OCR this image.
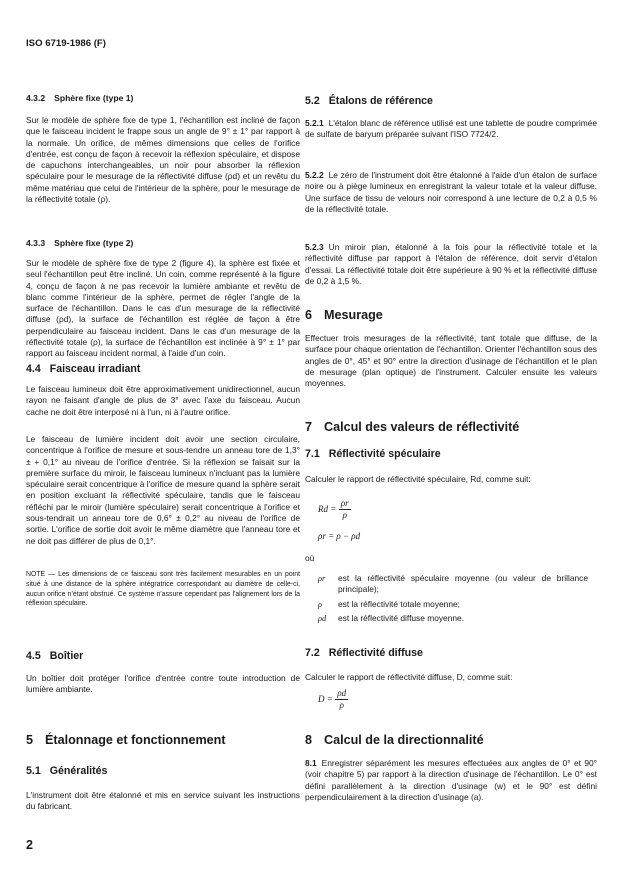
ISO 6719-1986 (F)
4.3.2 Sphère fixe (type 1)
Sur le modèle de sphère fixe de type 1, l'échantillon est incliné de façon que le faisceau incident le frappe sous un angle de 9° ± 1° par rapport à la normale. Un orifice, de mêmes dimensions que celles de l'orifice d'entrée, est conçu de façon à recevoir la réflexion spéculaire, et dispose de capuchons interchangeables, un noir pour absorber la réflexion spéculaire pour le mesurage de la réflectivité diffuse (ρd) et un revêtu du même matériau que celui de l'intérieur de la sphère, pour le mesurage de la réflectivité totale (ρ).
4.3.3 Sphère fixe (type 2)
Sur le modèle de sphère fixe de type 2 (figure 4), la sphère est fixée et seul l'échantillon peut être incliné. Un coin, comme représenté à la figure 4, conçu de façon à ne pas recevoir la lumière ambiante et revêtu de blanc comme l'intérieur de la sphère, permet de régler l'angle de la surface de l'échantillon. Dans le cas d'un mesurage de la réflectivité diffuse (ρd), la surface de l'échantillon est réglée de façon à être perpendiculaire au faisceau incident. Dans le cas d'un mesurage de la réflectivité totale (ρ), la surface de l'échantillon est inclinée à 9° ± 1° par rapport au faisceau incident normal, à l'aide d'un coin.
4.4 Faisceau irradiant
Le faisceau lumineux doit être approximativement unidirectionnel, aucun rayon ne faisant d'angle de plus de 3° avec l'axe du faisceau. Aucun cache ne doit être interposé ni à l'un, ni à l'autre orifice.
Le faisceau de lumière incident doit avoir une section circulaire, concentrique à l'orifice de mesure et sous-tendre un anneau tore de 1,3° ± + 0,1° au niveau de l'orifice d'entrée. Si la réflexion se faisait sur la première surface du miroir, le faisceau lumineux n'incluant pas la lumière spéculaire serait concentrique à l'orifice de mesure quand la sphère serait en position excluant la réflectivité spéculaire, tandis que le faisceau réfléchi par le miroir (lumière spéculaire) serait concentrique à l'orifice et sous-tendrait un anneau tore de 0,6° ± 0,2° au niveau de l'orifice de sortie. L'orifice de sortie doit avoir le même diamètre que l'anneau tore et ne doit pas différer de plus de 0,1°.
NOTE — Les dimensions de ce faisceau sont très facilement mesurables en un point situé à une distance de la sphère intégratrice correspondant au diamètre de celle-ci, aucun orifice n'étant obstrué. Ce système n'assure cependant pas l'alignement lors de la réflexion spéculaire.
4.5 Boîtier
Un boîtier doit protéger l'orifice d'entrée contre toute introduction de lumière ambiante.
5 Étalonnage et fonctionnement
5.1 Généralités
L'instrument doit être étalonné et mis en service suivant les instructions du fabricant.
2
5.2 Étalons de référence
5.2.1 L'étalon blanc de référence utilisé est une tablette de poudre comprimée de sulfate de baryum préparée suivant l'ISO 7724/2.
5.2.2 Le zéro de l'instrument doit être étalonné à l'aide d'un étalon de surface noire ou à piège lumineux en enregistrant la valeur totale et la valeur diffuse. Une surface de tissu de velours noir correspond à une lecture de 0,2 à 0,5 % de la réflectivité totale.
5.2.3 Un miroir plan, étalonné à la fois pour la réflectivité totale et la réflectivité diffuse par rapport à l'étalon de référence, doit servir d'étalon d'essai. La réflectivité totale doit être supérieure à 90 % et la réflectivité diffuse de 0,2 à 1,5 %.
6 Mesurage
Effectuer trois mesurages de la réflectivité, tant totale que diffuse, de la surface pour chaque orientation de l'échantillon. Orienter l'échantillon sous des angles de 0°, 45° et 90° entre la direction d'usinage de l'échantillon et le plan de mesurage (plan optique) de l'instrument. Calculer ensuite les valeurs moyennes.
7 Calcul des valeurs de réflectivité
7.1 Réflectivité spéculaire
Calculer le rapport de réflectivité spéculaire, Rd, comme suit:
$Rd = \frac{\rho r}{\rho}$
ρr = ρ − ρd
où
ρr	est la réflectivité spéculaire moyenne (ou valeur de brillance principale);
ρ	est la réflectivité totale moyenne;
ρd	est la réflectivité diffuse moyenne.
7.2 Réflectivité diffuse
Calculer le rapport de réflectivité diffuse, D, comme suit:
$D = \frac{\rho d}{\rho}$
8 Calcul de la directionnalité
8.1 Enregistrer séparément les mesures effectuées aux angles de 0° et 90° (voir chapitre 5) par rapport à la direction d'usinage de l'échantillon. Le 0° est défini parallèlement à la direction d'usinage (w) et le 90° est défini perpendiculairement à la direction d'usinage (a).
